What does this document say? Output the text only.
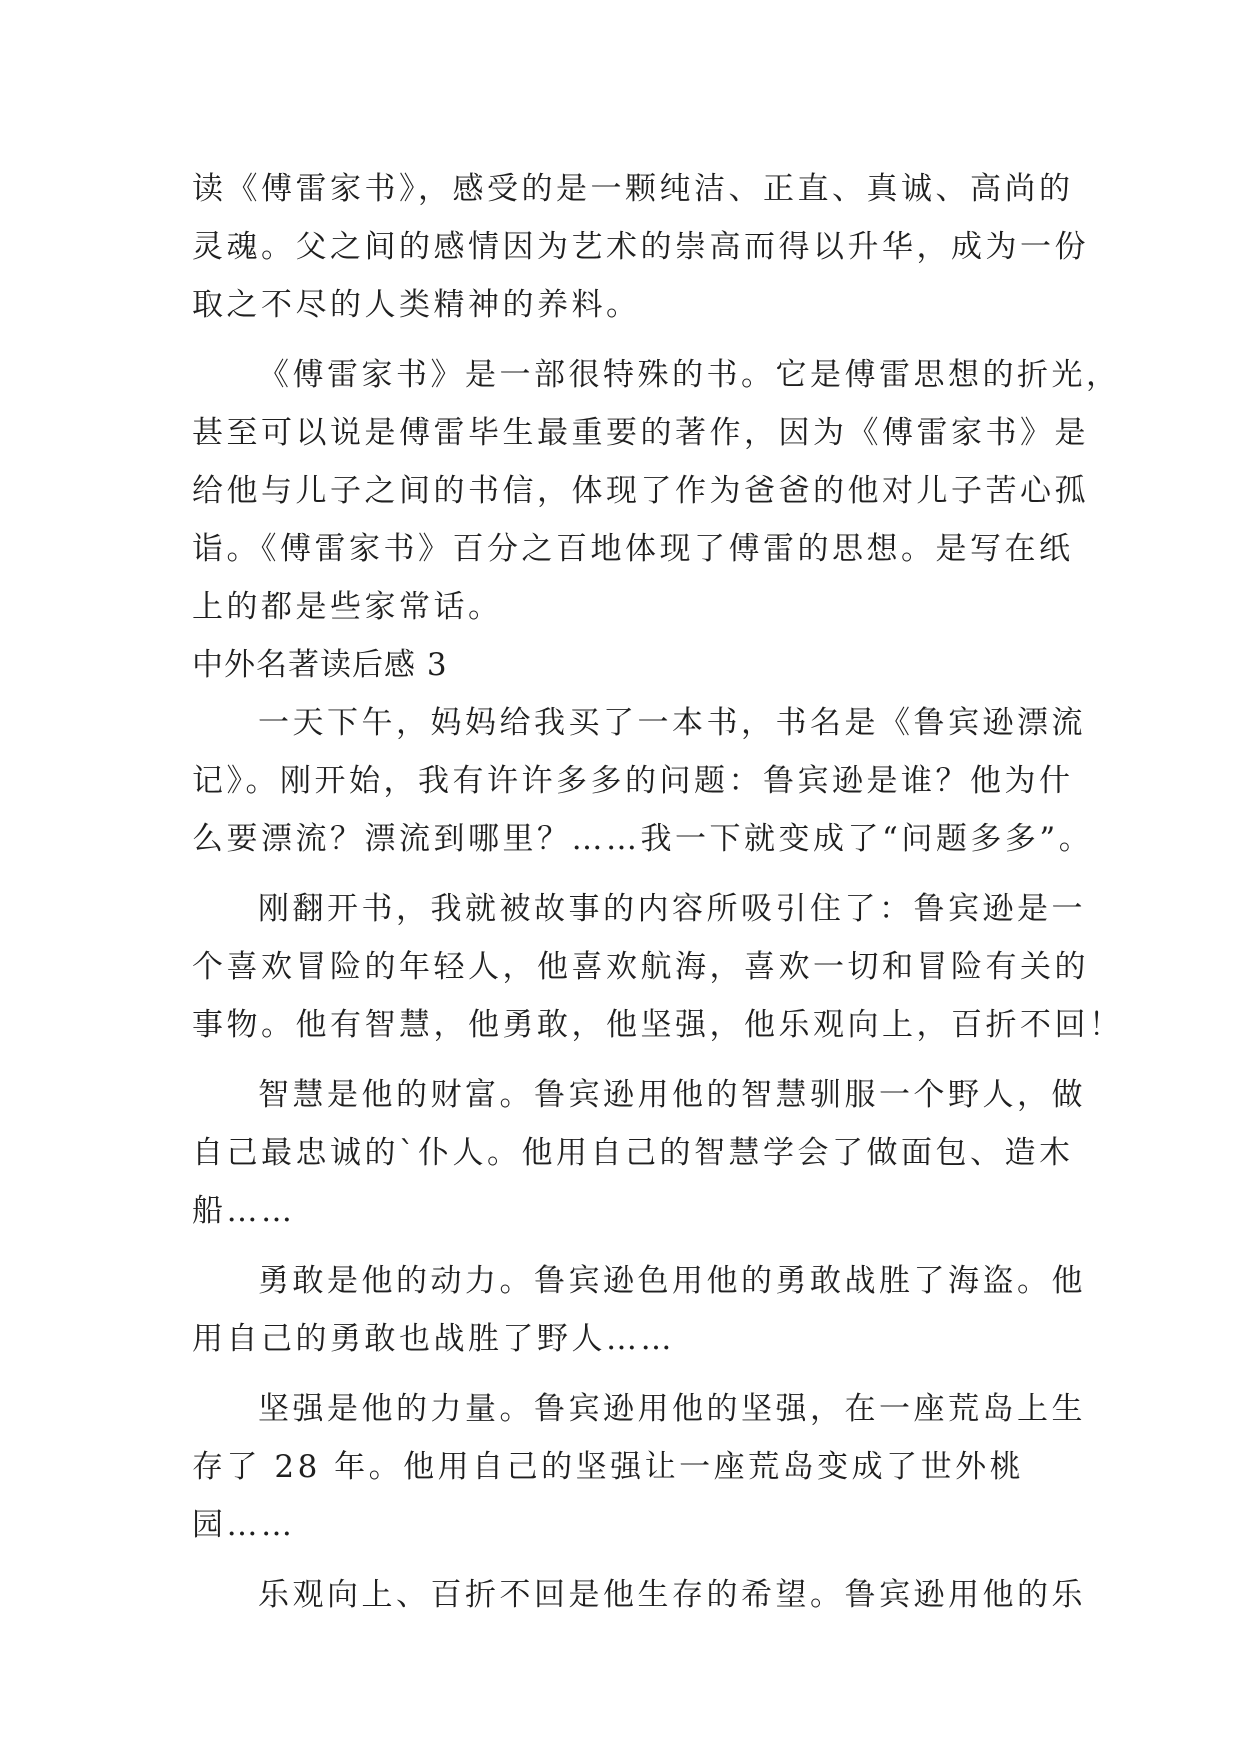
读《傅雷家书》，感受的是一颗纯洁、正直、真诚、高尚的
灵魂。父之间的感情因为艺术的崇高而得以升华，成为一份
取之不尽的人类精神的养料。
《傅雷家书》是一部很特殊的书。它是傅雷思想的折光，
甚至可以说是傅雷毕生最重要的著作，因为《傅雷家书》是
给他与儿子之间的书信，体现了作为爸爸的他对儿子苦心孤
诣。《傅雷家书》百分之百地体现了傅雷的思想。是写在纸
上的都是些家常话。
中外名著读后感 3
一天下午，妈妈给我买了一本书，书名是《鲁宾逊漂流
记》。刚开始，我有许许多多的问题：鲁宾逊是谁？他为什
么要漂流？漂流到哪里？……我一下就变成了“问题多多”。
刚翻开书，我就被故事的内容所吸引住了：鲁宾逊是一
个喜欢冒险的年轻人，他喜欢航海，喜欢一切和冒险有关的
事物。他有智慧，他勇敢，他坚强，他乐观向上，百折不回！
智慧是他的财富。鲁宾逊用他的智慧驯服一个野人，做
自己最忠诚的`仆人。他用自己的智慧学会了做面包、造木
船……
勇敢是他的动力。鲁宾逊色用他的勇敢战胜了海盗。他
用自己的勇敢也战胜了野人……
坚强是他的力量。鲁宾逊用他的坚强，在一座荒岛上生
存了 28 年。他用自己的坚强让一座荒岛变成了世外桃
园……
乐观向上、百折不回是他生存的希望。鲁宾逊用他的乐
